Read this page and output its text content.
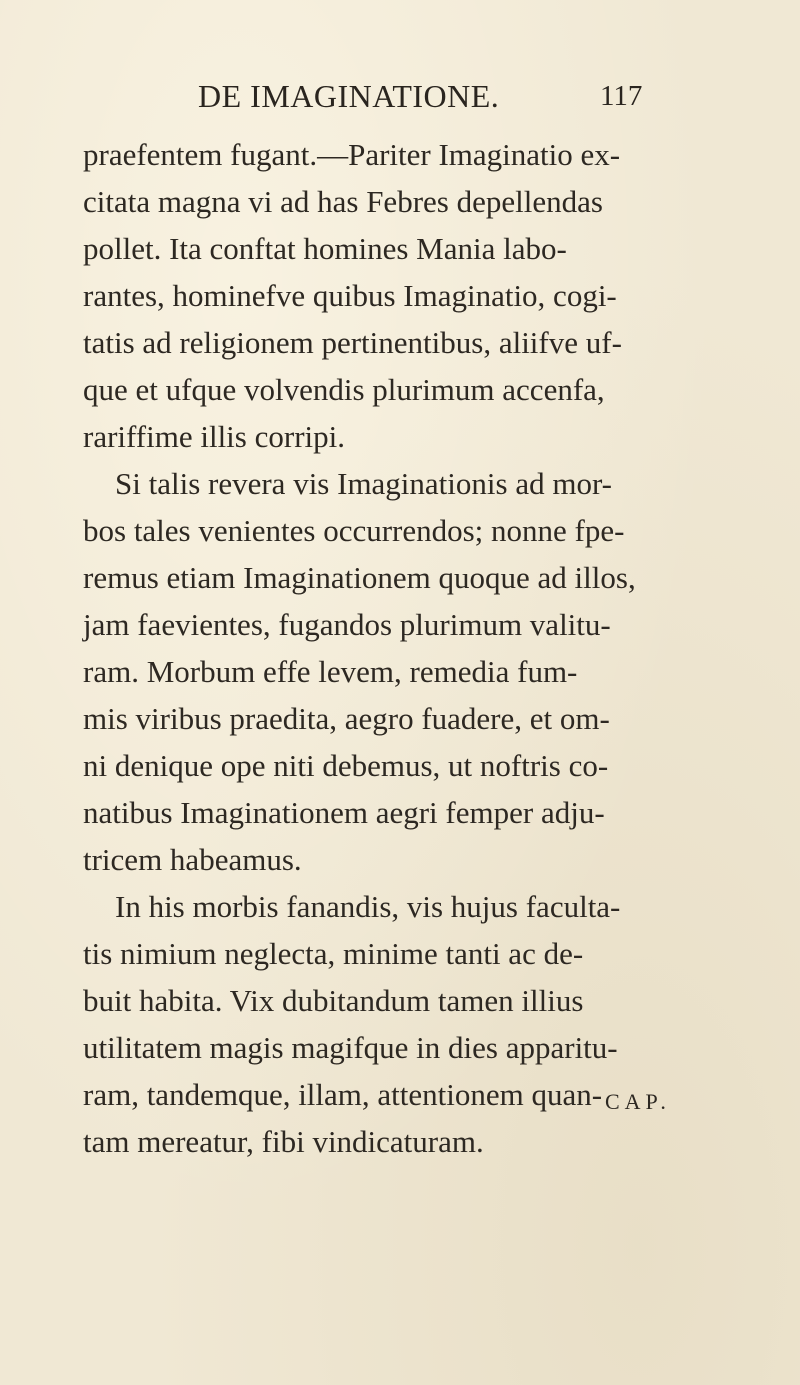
DE IMAGINATIONE.	117
praefentem fugant.—Pariter Imaginatio ex-
citata magna vi ad has Febres depellendas
pollet. Ita conftat homines Mania labo-
rantes, hominefve quibus Imaginatio, cogi-
tatis ad religionem pertinentibus, aliifve uf-
que et ufque volvendis plurimum accenfa,
rariffime illis corripi.
Si talis revera vis Imaginationis ad mor-
bos tales venientes occurrendos; nonne fpe-
remus etiam Imaginationem quoque ad illos,
jam faevientes, fugandos plurimum valitu-
ram. Morbum effe levem, remedia fum-
mis viribus praedita, aegro fuadere, et om-
ni denique ope niti debemus, ut noftris co-
natibus Imaginationem aegri femper adju-
tricem habeamus.
In his morbis fanandis, vis hujus faculta-
tis nimium neglecta, minime tanti ac de-
buit habita. Vix dubitandum tamen illius
utilitatem magis magifque in dies apparitu-
ram, tandemque, illam, attentionem quan-
tam mereatur, fibi vindicaturam.
CAP.
